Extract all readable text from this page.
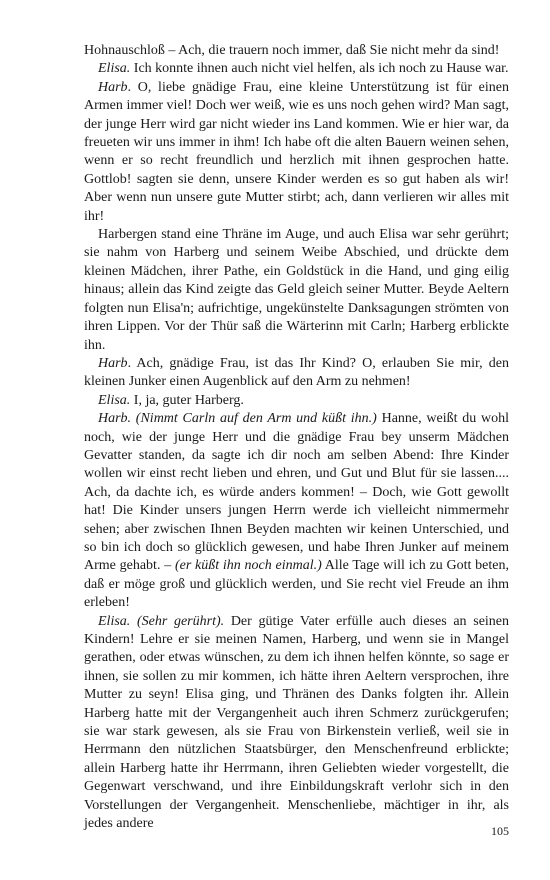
Hohnauschloß – Ach, die trauern noch immer, daß Sie nicht mehr da sind!

Elisa. Ich konnte ihnen auch nicht viel helfen, als ich noch zu Hause war.

Harb. O, liebe gnädige Frau, eine kleine Unterstützung ist für einen Armen immer viel! Doch wer weiß, wie es uns noch gehen wird? Man sagt, der junge Herr wird gar nicht wieder ins Land kommen. Wie er hier war, da freueten wir uns immer in ihm! Ich habe oft die alten Bauern weinen sehen, wenn er so recht freundlich und herzlich mit ihnen gesprochen hatte. Gottlob! sagten sie denn, unsere Kinder werden es so gut haben als wir! Aber wenn nun unsere gute Mutter stirbt; ach, dann verlieren wir alles mit ihr!

Harbergen stand eine Thräne im Auge, und auch Elisa war sehr gerührt; sie nahm von Harberg und seinem Weibe Abschied, und drückte dem kleinen Mädchen, ihrer Pathe, ein Goldstück in die Hand, und ging eilig hinaus; allein das Kind zeigte das Geld gleich seiner Mutter. Beyde Aeltern folgten nun Elisa'n; aufrichtige, ungekünstelte Danksagungen strömten von ihren Lippen. Vor der Thür saß die Wärterinn mit Carln; Harberg erblickte ihn.

Harb. Ach, gnädige Frau, ist das Ihr Kind? O, erlauben Sie mir, den kleinen Junker einen Augenblick auf den Arm zu nehmen!

Elisa. I, ja, guter Harberg.

Harb. (Nimmt Carln auf den Arm und küßt ihn.) Hanne, weißt du wohl noch, wie der junge Herr und die gnädige Frau bey unserm Mädchen Gevatter standen, da sagte ich dir noch am selben Abend: Ihre Kinder wollen wir einst recht lieben und ehren, und Gut und Blut für sie lassen.... Ach, da dachte ich, es würde anders kommen! – Doch, wie Gott gewollt hat! Die Kinder unsers jungen Herrn werde ich vielleicht nimmermehr sehen; aber zwischen Ihnen Beyden machten wir keinen Unterschied, und so bin ich doch so glücklich gewesen, und habe Ihren Junker auf meinem Arme gehabt. – (er küßt ihn noch einmal.) Alle Tage will ich zu Gott beten, daß er möge groß und glücklich werden, und Sie recht viel Freude an ihm erleben!

Elisa. (Sehr gerührt). Der gütige Vater erfülle auch dieses an seinen Kindern! Lehre er sie meinen Namen, Harberg, und wenn sie in Mangel gerathen, oder etwas wünschen, zu dem ich ihnen helfen könnte, so sage er ihnen, sie sollen zu mir kommen, ich hätte ihren Aeltern versprochen, ihre Mutter zu seyn! Elisa ging, und Thränen des Danks folgten ihr. Allein Harberg hatte mit der Vergangenheit auch ihren Schmerz zurückgerufen; sie war stark gewesen, als sie Frau von Birkenstein verließ, weil sie in Herrmann den nützlichen Staatsbürger, den Menschenfreund erblickte; allein Harberg hatte ihr Herrmann, ihren Geliebten wieder vorgestellt, die Gegenwart verschwand, und ihre Einbildungskraft verlohr sich in den Vorstellungen der Vergangenheit. Menschenliebe, mächtiger in ihr, als jedes andere	105
